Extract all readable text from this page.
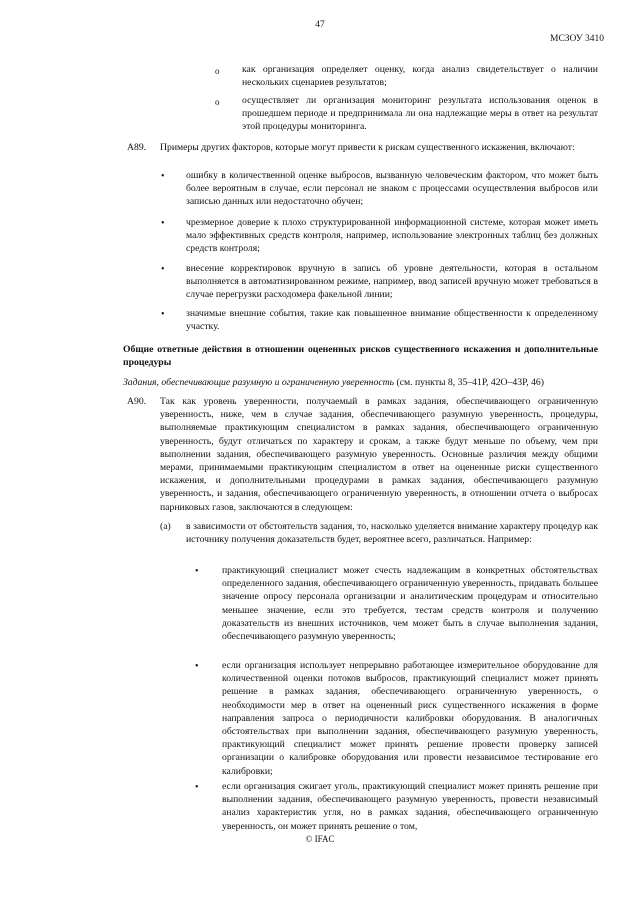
47
МСЗОУ 3410
o как организация определяет оценку, когда анализ свидетельствует о наличии нескольких сценариев результатов;
o осуществляет ли организация мониторинг результата использования оценок в прошедшем периоде и предпринимала ли она надлежащие меры в ответ на результат этой процедуры мониторинга.
A89. Примеры других факторов, которые могут привести к рискам существенного искажения, включают:
• ошибку в количественной оценке выбросов, вызванную человеческим фактором, что может быть более вероятным в случае, если персонал не знаком с процессами осуществления выбросов или записью данных или недостаточно обучен;
• чрезмерное доверие к плохо структурированной информационной системе, которая может иметь мало эффективных средств контроля, например, использование электронных таблиц без должных средств контроля;
• внесение корректировок вручную в запись об уровне деятельности, которая в остальном выполняется в автоматизированном режиме, например, ввод записей вручную может требоваться в случае перегрузки расходомера факельной линии;
• значимые внешние события, такие как повышенное внимание общественности к определенному участку.
Общие ответные действия в отношении оцененных рисков существенного искажения и дополнительные процедуры
Задания, обеспечивающие разумную и ограниченную уверенность (см. пункты 8, 35–41Р, 42О–43Р, 46)
A90. Так как уровень уверенности, получаемый в рамках задания, обеспечивающего ограниченную уверенность, ниже, чем в случае задания, обеспечивающего разумную уверенность, процедуры, выполняемые практикующим специалистом в рамках задания, обеспечивающего ограниченную уверенность, будут отличаться по характеру и срокам, а также будут меньше по объему, чем при выполнении задания, обеспечивающего разумную уверенность. Основные различия между общими мерами, принимаемыми практикующим специалистом в ответ на оцененные риски существенного искажения, и дополнительными процедурами в рамках задания, обеспечивающего разумную уверенность, и задания, обеспечивающего ограниченную уверенность, в отношении отчета о выбросах парниковых газов, заключаются в следующем:
(a) в зависимости от обстоятельств задания, то, насколько уделяется внимание характеру процедур как источнику получения доказательств будет, вероятнее всего, различаться. Например:
• практикующий специалист может счесть надлежащим в конкретных обстоятельствах определенного задания, обеспечивающего ограниченную уверенность, придавать большее значение опросу персонала организации и аналитическим процедурам и относительно меньшее значение, если это требуется, тестам средств контроля и получению доказательств из внешних источников, чем может быть в случае выполнения задания, обеспечивающего разумную уверенность;
• если организация использует непрерывно работающее измерительное оборудование для количественной оценки потоков выбросов, практикующий специалист может принять решение в рамках задания, обеспечивающего ограниченную уверенность, о необходимости мер в ответ на оцененный риск существенного искажения в форме направления запроса о периодичности калибровки оборудования. В аналогичных обстоятельствах при выполнении задания, обеспечивающего разумную уверенность, практикующий специалист может принять решение провести проверку записей организации о калибровке оборудования или провести независимое тестирование его калибровки;
• если организация сжигает уголь, практикующий специалист может принять решение при выполнении задания, обеспечивающего разумную уверенность, провести независимый анализ характеристик угля, но в рамках задания, обеспечивающего ограниченную уверенность, он может принять решение о том,
© IFAC
